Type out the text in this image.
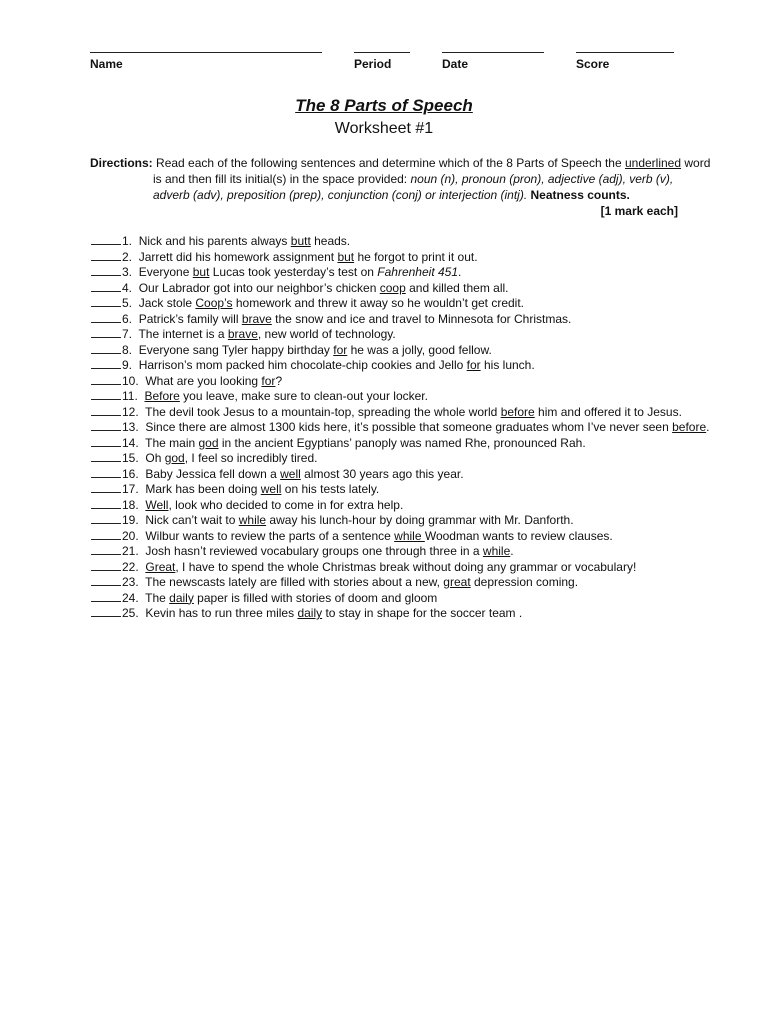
Name	Period	Date	Score
The 8 Parts of Speech
Worksheet #1
Directions: Read each of the following sentences and determine which of the 8 Parts of Speech the underlined word
is and then fill its initial(s) in the space provided: noun (n), pronoun (pron), adjective (adj), verb (v),
adverb (adv), preposition (prep), conjunction (conj) or interjection (intj). Neatness counts.
[1 mark each]
1. Nick and his parents always butt heads.
2. Jarrett did his homework assignment but he forgot to print it out.
3. Everyone but Lucas took yesterday’s test on Fahrenheit 451.
4. Our Labrador got into our neighbor’s chicken coop and killed them all.
5. Jack stole Coop’s homework and threw it away so he wouldn’t get credit.
6. Patrick’s family will brave the snow and ice and travel to Minnesota for Christmas.
7. The internet is a brave, new world of technology.
8. Everyone sang Tyler happy birthday for he was a jolly, good fellow.
9. Harrison’s mom packed him chocolate-chip cookies and Jello for his lunch.
10. What are you looking for?
11. Before you leave, make sure to clean-out your locker.
12. The devil took Jesus to a mountain-top, spreading the whole world before him and offered it to Jesus.
13. Since there are almost 1300 kids here, it’s possible that someone graduates whom I’ve never seen before.
14. The main god in the ancient Egyptians’ panoply was named Rhe, pronounced Rah.
15. Oh god, I feel so incredibly tired.
16. Baby Jessica fell down a well almost 30 years ago this year.
17. Mark has been doing well on his tests lately.
18. Well, look who decided to come in for extra help.
19. Nick can’t wait to while away his lunch-hour by doing grammar with Mr. Danforth.
20. Wilbur wants to review the parts of a sentence while Woodman wants to review clauses.
21. Josh hasn’t reviewed vocabulary groups one through three in a while.
22. Great, I have to spend the whole Christmas break without doing any grammar or vocabulary!
23. The newscasts lately are filled with stories about a new, great depression coming.
24. The daily paper is filled with stories of doom and gloom
25. Kevin has to run three miles daily to stay in shape for the soccer team .
